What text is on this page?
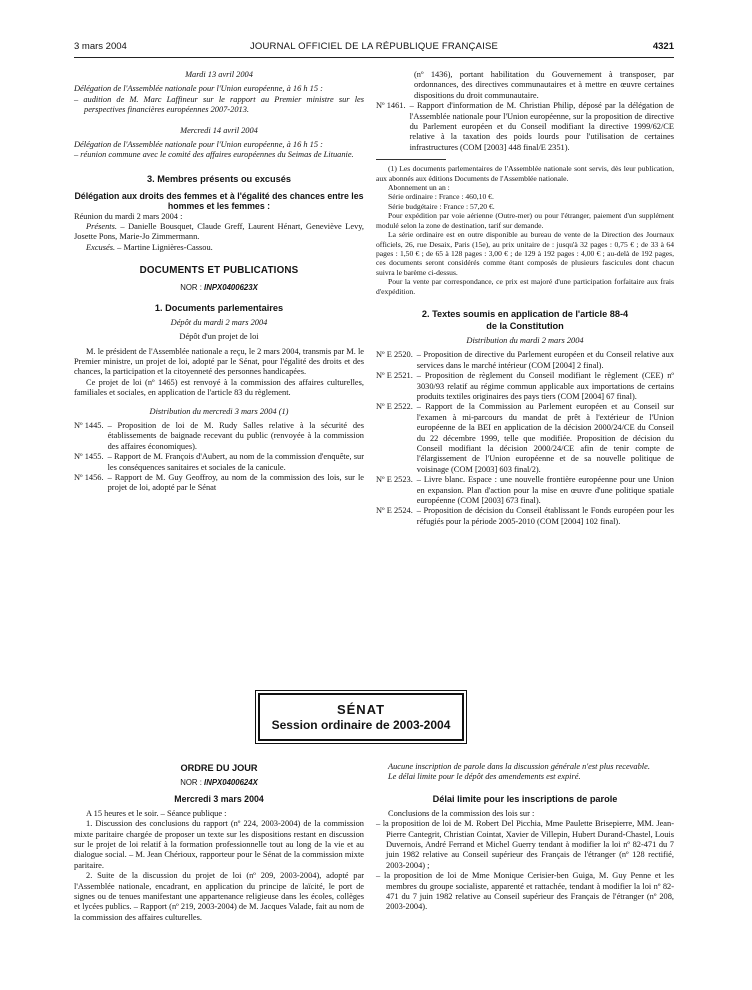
3 mars 2004	JOURNAL OFFICIEL DE LA RÉPUBLIQUE FRANÇAISE	4321

Mardi 13 avril 2004

Délégation de l'Assemblée nationale pour l'Union européenne, à 16 h 15 :

– audition de M. Marc Laffineur sur le rapport au Premier ministre sur les perspectives financières européennes 2007-2013.

Mercredi 14 avril 2004

Délégation de l'Assemblée nationale pour l'Union européenne, à 16 h 15 :

– réunion commune avec le comité des affaires européennes du Seimas de Lituanie.

3. Membres présents ou excusés

Délégation aux droits des femmes et à l'égalité des chances entre les hommes et les femmes :

Réunion du mardi 2 mars 2004 :

Présents. – Danielle Bousquet, Claude Greff, Laurent Hénart, Geneviève Levy, Josette Pons, Marie-Jo Zimmermann.

Excusés. – Martine Lignières-Cassou.

DOCUMENTS ET PUBLICATIONS

NOR : INPX0400623X

1. Documents parlementaires

Dépôt du mardi 2 mars 2004

Dépôt d'un projet de loi

M. le président de l'Assemblée nationale a reçu, le 2 mars 2004, transmis par M. le Premier ministre, un projet de loi, adopté par le Sénat, pour l'égalité des droits et des chances, la participation et la citoyenneté des personnes handicapées.

Ce projet de loi (nº 1465) est renvoyé à la commission des affaires culturelles, familiales et sociales, en application de l'article 83 du règlement.

Distribution du mercredi 3 mars 2004 (1)

Nº 1445. – Proposition de loi de M. Rudy Salles relative à la sécurité des établissements de baignade recevant du public (renvoyée à la commission des affaires économiques).
Nº 1455. – Rapport de M. François d'Aubert, au nom de la commission d'enquête, sur les conséquences sanitaires et sociales de la canicule.
Nº 1456. – Rapport de M. Guy Geoffroy, au nom de la commission des lois, sur le projet de loi, adopté par le Sénat

(nº 1436), portant habilitation du Gouvernement à transposer, par ordonnances, des directives communautaires et à mettre en œuvre certaines dispositions du droit communautaire.

Nº 1461. – Rapport d'information de M. Christian Philip, déposé par la délégation de l'Assemblée nationale pour l'Union européenne, sur la proposition de directive du Parlement européen et du Conseil modifiant la directive 1999/62/CE relative à la taxation des poids lourds pour l'utilisation de certaines infrastructures (COM [2003] 448 final/E 2351).

(1) Les documents parlementaires de l'Assemblée nationale sont servis, dès leur publication, aux abonnés aux éditions Documents de l'Assemblée nationale.

Abonnement un an :

Série ordinaire : France : 460,10 €.

Série budgétaire : France : 57,20 €.

Pour expédition par voie aérienne (Outre-mer) ou pour l'étranger, paiement d'un supplément modulé selon la zone de destination, tarif sur demande.

La série ordinaire est en outre disponible au bureau de vente de la Direction des Journaux officiels, 26, rue Desaix, Paris (15e), au prix unitaire de : jusqu'à 32 pages : 0,75 € ; de 33 à 64 pages : 1,50 € ; de 65 à 128 pages : 3,00 € ; de 129 à 192 pages : 4,00 € ; au-delà de 192 pages, ces documents seront considérés comme étant composés de plusieurs fascicules dont chacun suivra le barème ci-dessus.

Pour la vente par correspondance, ce prix est majoré d'une participation forfaitaire aux frais d'expédition.

2. Textes soumis en application de l'article 88-4 de la Constitution

Distribution du mardi 2 mars 2004

Nº E 2520. – Proposition de directive du Parlement européen et du Conseil relative aux services dans le marché intérieur (COM [2004] 2 final).
Nº E 2521. – Proposition de règlement du Conseil modifiant le règlement (CEE) nº 3030/93 relatif au régime commun applicable aux importations de certains produits textiles originaires des pays tiers (COM [2004] 67 final).
Nº E 2522. – Rapport de la Commission au Parlement européen et au Conseil sur l'examen à mi-parcours du mandat de prêt à l'extérieur de l'Union européenne de la BEI en application de la décision 2000/24/CE du Conseil du 22 décembre 1999, telle que modifiée. Proposition de décision du Conseil modifiant la décision 2000/24/CE afin de tenir compte de l'élargissement de l'Union européenne et de sa nouvelle politique de voisinage (COM [2003] 603 final/2).
Nº E 2523. – Livre blanc. Espace : une nouvelle frontière européenne pour une Union en expansion. Plan d'action pour la mise en œuvre d'une politique spatiale européenne (COM [2003] 673 final).
Nº E 2524. – Proposition de décision du Conseil établissant le Fonds européen pour les réfugiés pour la période 2005-2010 (COM [2004] 102 final).
SÉNAT
Session ordinaire de 2003-2004

ORDRE DU JOUR

NOR : INPX0400624X

Mercredi 3 mars 2004

A 15 heures et le soir. – Séance publique :

1. Discussion des conclusions du rapport (nº 224, 2003-2004) de la commission mixte paritaire chargée de proposer un texte sur les dispositions restant en discussion sur le projet de loi relatif à la formation professionnelle tout au long de la vie et au dialogue social. – M. Jean Chérioux, rapporteur pour le Sénat de la commission mixte paritaire.

2. Suite de la discussion du projet de loi (nº 209, 2003-2004), adopté par l'Assemblée nationale, encadrant, en application du principe de laïcité, le port de signes ou de tenues manifestant une appartenance religieuse dans les écoles, collèges et lycées publics. – Rapport (nº 219, 2003-2004) de M. Jacques Valade, fait au nom de la commission des affaires culturelles.

Aucune inscription de parole dans la discussion générale n'est plus recevable.

Le délai limite pour le dépôt des amendements est expiré.

Délai limite pour les inscriptions de parole

Conclusions de la commission des lois sur :

– la proposition de loi de M. Robert Del Picchia, Mme Paulette Brisepierre, MM. Jean-Pierre Cantegrit, Christian Cointat, Xavier de Villepin, Hubert Durand-Chastel, Louis Duvernois, André Ferrand et Michel Guerry tendant à modifier la loi nº 82-471 du 7 juin 1982 relative au Conseil supérieur des Français de l'étranger (nº 128 rectifié, 2003-2004) ;

– la proposition de loi de Mme Monique Cerisier-ben Guiga, M. Guy Penne et les membres du groupe socialiste, apparenté et rattachée, tendant à modifier la loi nº 82-471 du 7 juin 1982 relative au Conseil supérieur des Français de l'étranger (nº 208, 2003-2004).
